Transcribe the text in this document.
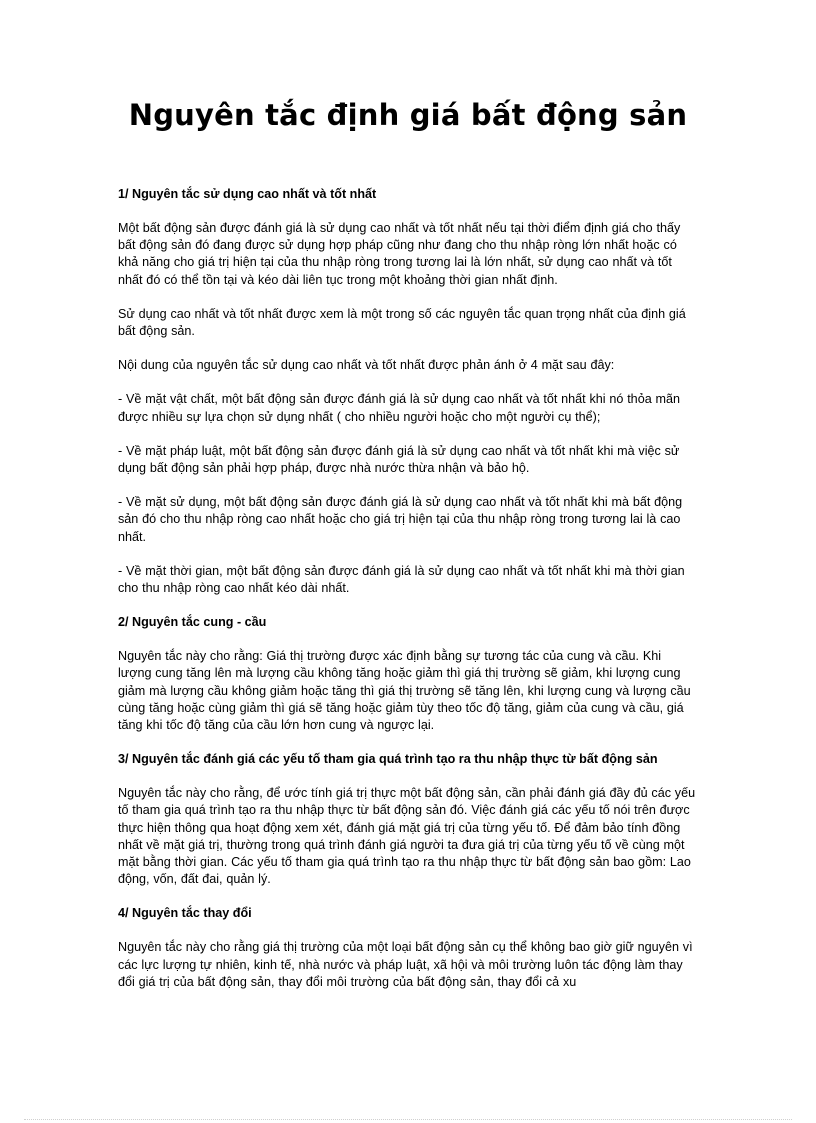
Nguyên tắc định giá bất động sản
1/ Nguyên tắc sử dụng cao nhất và tốt nhất

Một bất động sản được đánh giá là sử dụng cao nhất và tốt nhất nếu tại thời điểm định giá cho thấy bất động sản đó đang được sử dụng hợp pháp cũng như đang cho thu nhập ròng lớn nhất hoặc có khả năng cho giá trị hiện tại của thu nhập ròng trong tương lai là lớn nhất, sử dụng cao nhất và tốt nhất đó có thể tồn tại và kéo dài liên tục trong một khoảng thời gian nhất định.

Sử dụng cao nhất và tốt nhất được xem là một trong số các nguyên tắc quan trọng nhất của định giá bất động sản.

Nội dung của nguyên tắc sử dụng cao nhất và tốt nhất được phản ánh ở 4 mặt sau đây:

- Về mặt vật chất, một bất động sản được đánh giá là sử dụng cao nhất và tốt nhất khi nó thỏa mãn được nhiều sự lựa chọn sử dụng nhất ( cho nhiều người hoặc cho một người cụ thể);

- Về mặt pháp luật, một bất động sản được đánh giá là sử dụng cao nhất và tốt nhất khi mà việc sử dụng bất động sản phải hợp pháp, được nhà nước thừa nhận và bảo hộ.

- Về mặt sử dụng, một bất động sản được đánh giá là sử dụng cao nhất và tốt nhất khi mà bất động sản đó cho thu nhập ròng cao nhất hoặc cho giá trị hiện tại của thu nhập ròng trong tương lai là cao nhất.

- Về mặt thời gian, một bất động sản được đánh giá là sử dụng cao nhất và tốt nhất khi mà thời gian cho thu nhập ròng cao nhất kéo dài nhất.

2/ Nguyên tắc cung - cầu

Nguyên tắc này cho rằng: Giá thị trường được xác định bằng sự tương tác của cung và cầu. Khi lượng cung tăng lên mà lượng cầu không tăng hoặc giảm thì giá thị trường sẽ giảm, khi lượng cung giảm mà lượng cầu không giảm hoặc tăng thì giá thị trường sẽ tăng lên, khi lượng cung và lượng cầu cùng tăng hoặc cùng giảm thì giá sẽ tăng hoặc giảm tùy theo tốc độ tăng, giảm của cung và cầu, giá tăng khi tốc độ tăng của cầu lớn hơn cung và ngược lại.

3/ Nguyên tắc đánh giá các yếu tố tham gia quá trình tạo ra thu nhập thực từ bất động sản

Nguyên tắc này cho rằng, để ước tính giá trị thực một bất động sản, cần phải đánh giá đầy đủ các yếu tố tham gia quá trình tạo ra thu nhập thực từ bất động sản đó. Việc đánh giá các yếu tố nói trên được thực hiện thông qua hoạt động xem xét, đánh giá mặt giá trị của từng yếu tố. Để đảm bảo tính đồng nhất về mặt giá trị, thường trong quá trình đánh giá người ta đưa giá trị của từng yếu tố về cùng một mặt bằng thời gian. Các yếu tố tham gia quá trình tạo ra thu nhập thực từ bất động sản bao gồm: Lao động, vốn, đất đai, quản lý.

4/ Nguyên tắc thay đổi

Nguyên tắc này cho rằng giá thị trường của một loại bất động sản cụ thể không bao giờ giữ nguyên vì các lực lượng tự nhiên, kinh tế, nhà nước và pháp luật, xã hội và môi trường luôn tác động làm thay đổi giá trị của bất động sản, thay đổi môi trường của bất động sản, thay đổi cả xu
